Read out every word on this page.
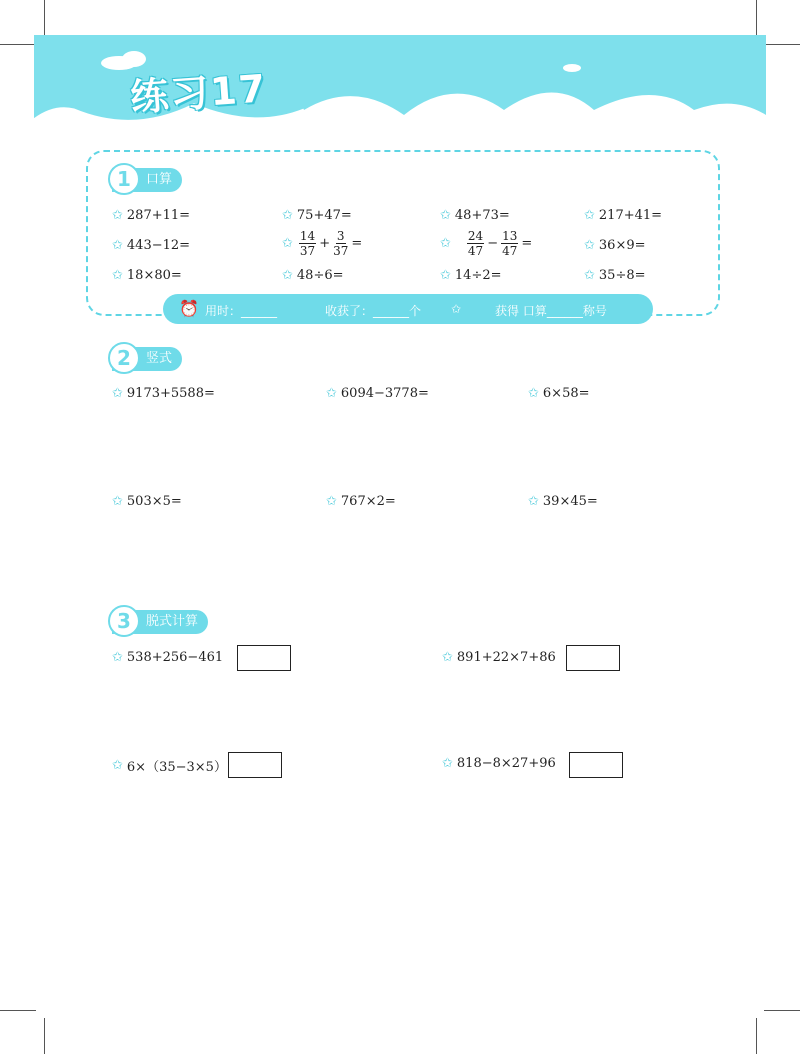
练习17
1	口算
✩ 287+11=	✩ 75+47=	✩ 48+73=	✩ 217+41=
✩ 443−12=	✩ $\frac{14}{37} + \frac{3}{37}$ =	✩ $\frac{24}{47} - \frac{13}{47}$ =	✩ 36×9=
✩ 18×80=	✩ 48÷6=	✩ 14÷2=	✩ 35÷8=
⏰ 用时：______	收获了：______个 ✩	获得 口算______称号
2	竖式
✩ 9173+5588=	✩ 6094−3778=	✩ 6×58=
✩ 503×5=	✩ 767×2=	✩ 39×45=
3	脱式计算
✩ 538+256−461	✩ 891+22×7+86
✩ 6×（35−3×5）	✩ 818−8×27+96
